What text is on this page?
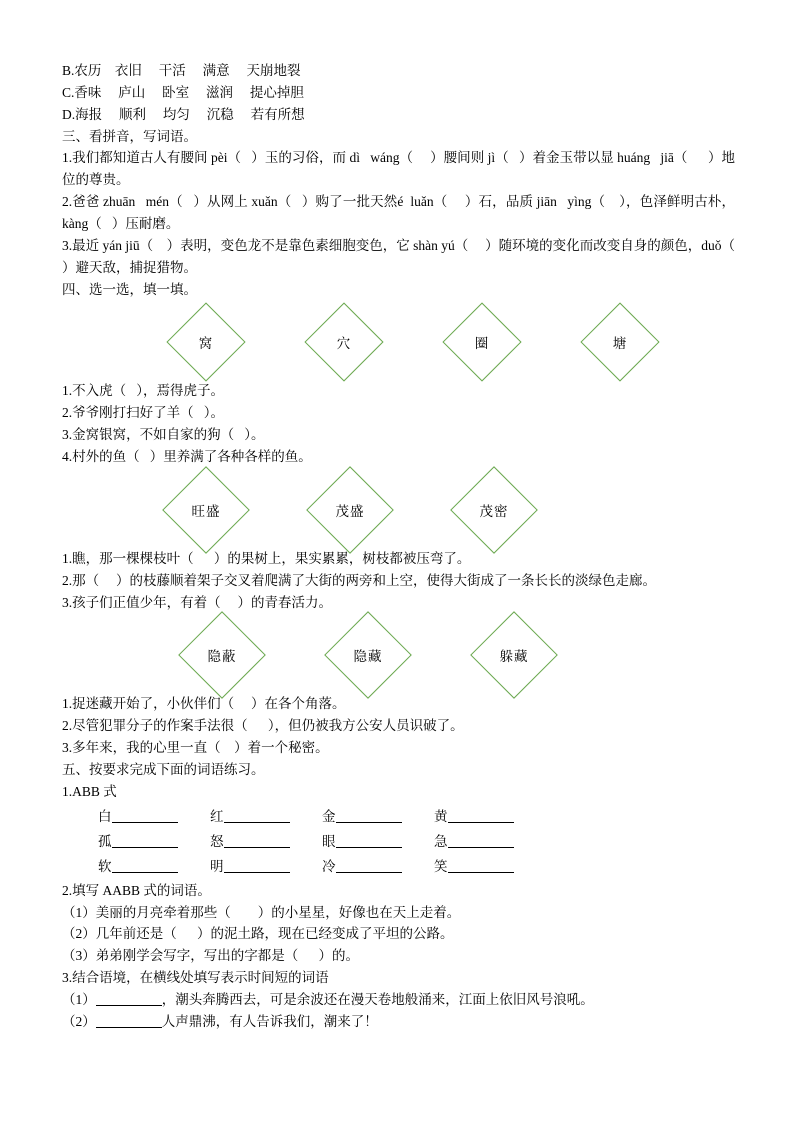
B.农历    衣旧     干活     满意     天崩地裂
C.香味     庐山     卧室     滋润     提心掉胆
D.海报     顺利     均匀     沉稳     若有所想
三、看拼音，写词语。

1.我们都知道古人有腰间 pèi（   ）玉的习俗，而 dì   wáng（     ）腰间则 jì（   ）着金玉带以显 huáng   jiā（      ）地位的尊贵。

2.爸爸 zhuān   mén（   ）从网上 xuǎn（   ）购了一批天然é  luǎn（     ）石，品质 jiān   yìng（    ），色泽鲜明古朴，kàng（   ）压耐磨。

3.最近 yán jiū（    ）表明，变色龙不是靠色素细胞变色，它 shàn yú（     ）随环境的变化而改变自身的颜色，duǒ（   ）避天敌，捕捉猎物。

四、选一选，填一填。
窝	穴	圈	塘

1.不入虎（   ），焉得虎子。

2.爷爷刚打扫好了羊（   ）。

3.金窝银窝，不如自家的狗（   ）。

4.村外的鱼（   ）里养满了各种各样的鱼。

旺盛	茂盛	茂密

1.瞧，那一棵棵枝叶（      ）的果树上，果实累累，树枝都被压弯了。

2.那（     ）的枝藤顺着架子交叉着爬满了大街的两旁和上空，使得大街成了一条长长的淡绿色走廊。

3.孩子们正值少年，有着（     ）的青春活力。

隐蔽	隐藏	躲藏

1.捉迷藏开始了，小伙伴们（     ）在各个角落。

2.尽管犯罪分子的作案手法很（      ），但仍被我方公安人员识破了。

3.多年来，我的心里一直（    ）着一个秘密。

五、按要求完成下面的词语练习。
1.ABB 式
白	红	金	黄
孤	怒	眼	急
软	明	冷	笑
2.填写 AABB 式的词语。

（1）美丽的月亮牵着那些（        ）的小星星，好像也在天上走着。

（2）几年前还是（      ）的泥土路，现在已经变成了平坦的公路。

（3）弟弟刚学会写字，写出的字都是（      ）的。

3.结合语境，在横线处填写表示时间短的词语

（1）	，潮头奔腾西去，可是余波还在漫天卷地般涌来，江面上依旧风号浪吼。

（2）	人声鼎沸，有人告诉我们，潮来了！
